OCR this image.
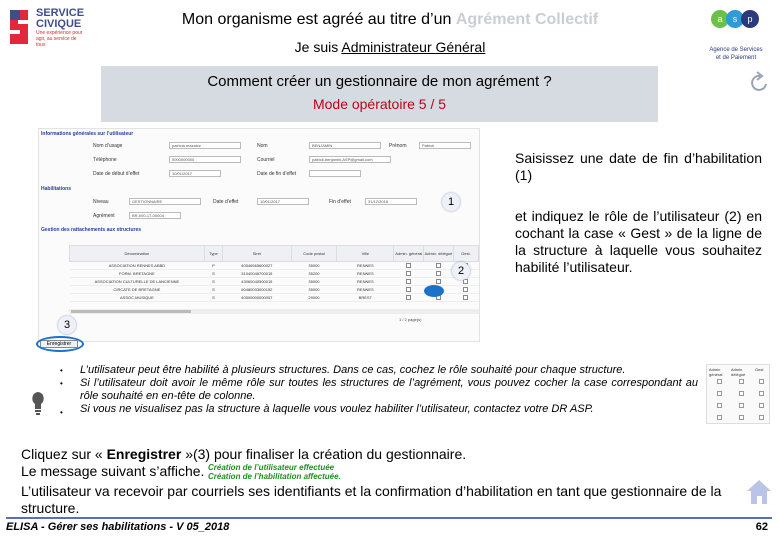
SERVICE
CIVIQUE
Une expérience pour agir, au service de tous
a s p
Agence de Services
et de Paiement
Mon organisme est agréé au titre d’un Agrément Collectif
Je suis Administrateur Général
Comment créer un gestionnaire de mon agrément ?
Mode opératoire 5 / 5
Informations générales sur l’utilisateur
Nom d’usage	patricia mazaloz	Nom	BENJAMIN	Prénom	Patrick
Téléphone	0000000000	Courriel	patrick.benjamin.ASP@gmail.com
Date de début d’effet	10/01/2017	Date de fin d’effet
Habilitations
Niveau	GESTIONNAIRE	Date d’effet	10/01/2017	Fin d’effet	31/12/2018
Agrément	BR-000-17-00004
Gestion des rattachements aux structures
Dénomination	Type	Siret	Code postal	Ville	Admin. général	Admin. délégué	Gest.
ASSOCIATION RENNES ABBD	P	40546565600027	35000	RENNES			
FORM. BRETAGNE	S	31040046700015	35200	RENNES			
ASSOCIATION CULTURELLE DE LANCIENNE	S	43060040500015	35000	RENNES			
CIRCATE DE BRETAGNE	S	60480033000152	35000	RENNES			
ASSOC.MUSIQUE	S	40500000000057	29000	BREST			
1 / 2 page(s)
Enregistrer
1
2
3
Saisissez une date de fin d’habilitation (1)
et indiquez le rôle de l’utilisateur (2) en cochant la case « Gest » de la ligne de la structure à laquelle vous souhaitez habilité l’utilisateur.
•
•
•
L’utilisateur peut être habilité à plusieurs structures. Dans ce cas, cochez le rôle souhaité pour chaque structure.
Si l’utilisateur doit avoir le même rôle sur toutes les structures de l’agrément, vous pouvez cocher la case correspondant au rôle souhaité en en-tête de colonne.
Si vous ne visualisez pas la structure à laquelle vous voulez habiliter l’utilisateur, contactez votre DR ASP.
Admin général
Admin délégué
Gest
Cliquez sur « Enregistrer »(3) pour finaliser la création du gestionnaire.
Le message suivant s’affiche. Création de l’utilisateur effectuée
Création de l’habilitation affectuée.
L’utilisateur va recevoir par courriels ses identifiants et la confirmation d’habilitation en tant que gestionnaire de la structure.
ELISA - Gérer ses habilitations - V 05_2018	62
